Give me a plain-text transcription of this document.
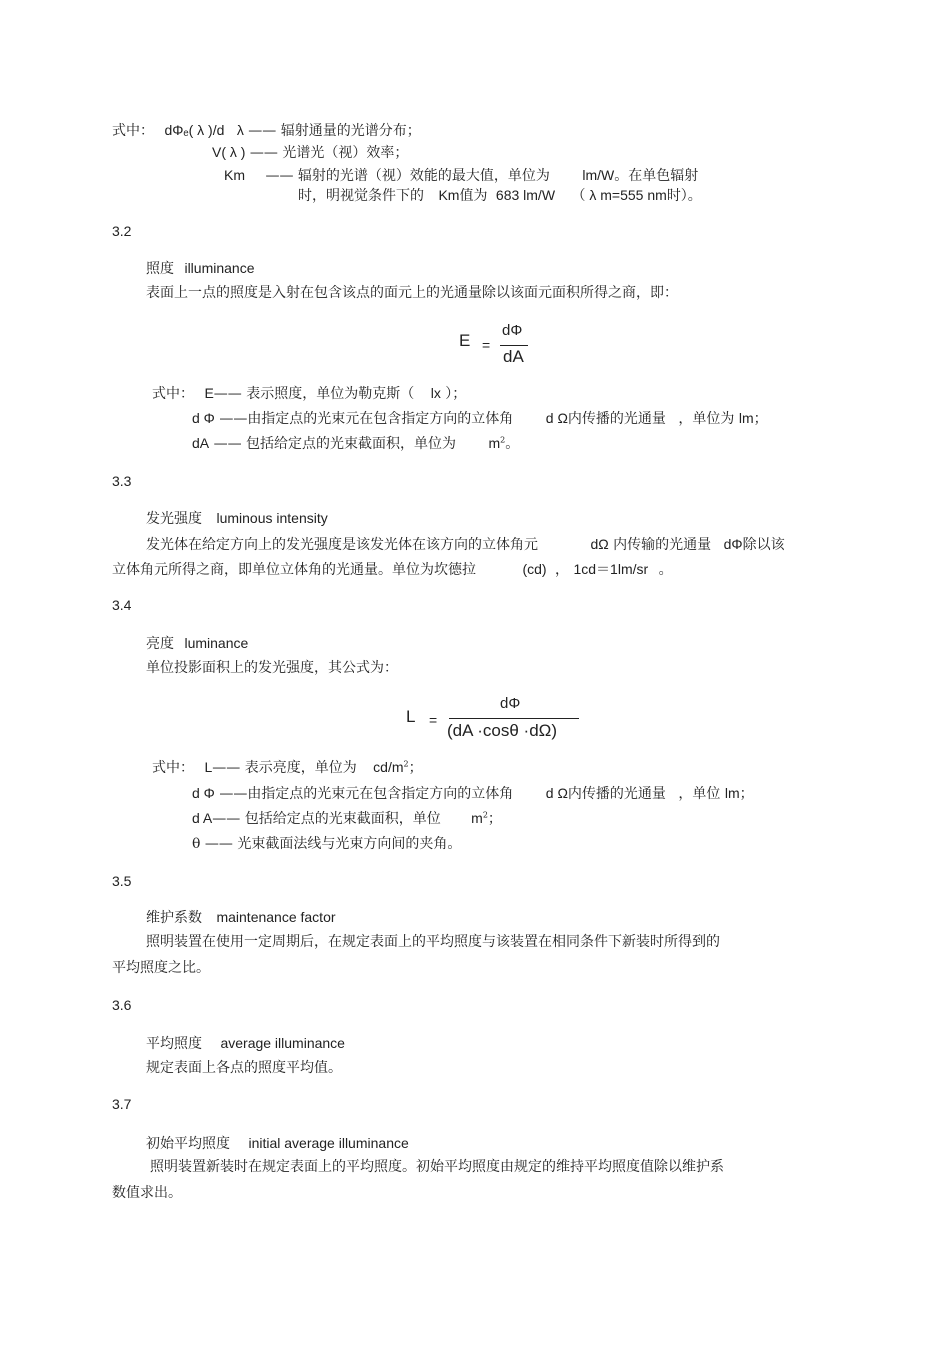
式中： dΦₑ( λ )/d λ —— 辐射通量的光谱分布；
V( λ ) —— 光谱光（视）效率；
Km —— 辐射的光谱（视）效能的最大值，单位为 lm/W。在单色辐射
时，明视觉条件下的 Km值为 683 lm/W （ λ m=555 nm时）。
3.2
照度 illuminance
表面上一点的照度是入射在包含该点的面元上的光通量除以该面元面积所得之商，即：
E =
dΦ
dA
式中： E—— 表示照度，单位为勒克斯（ lx ）；
d Φ ——由指定点的光束元在包含指定方向的立体角 d Ω内传播的光通量 ，单位为 lm；
dA —— 包括给定点的光束截面积，单位为 $m^2$。
3.3
发光强度 luminous intensity
发光体在给定方向上的发光强度是该发光体在该方向的立体角元	dΩ 内传输的光通量 dΦ除以该
立体角元所得之商，即单位立体角的光通量。单位为坎德拉	(cd) ， 1cd＝1lm/sr 。
3.4
亮度 luminance
单位投影面积上的发光强度，其公式为：
L =
dΦ
(dA ·cosθ ·dΩ)
式中： L—— 表示亮度，单位为 $cd/m^2$；
d Φ ——由指定点的光束元在包含指定方向的立体角 d Ω内传播的光通量 ，单位 lm；
d A—— 包括给定点的光束截面积，单位 $m^2$；
θ —— 光束截面法线与光束方向间的夹角。
3.5
维护系数 maintenance factor
照明装置在使用一定周期后，在规定表面上的平均照度与该装置在相同条件下新装时所得到的
平均照度之比。
3.6
平均照度 average illuminance
规定表面上各点的照度平均值。
3.7
初始平均照度 initial average illuminance
照明装置新装时在规定表面上的平均照度。初始平均照度由规定的维持平均照度值除以维护系
数值求出。
